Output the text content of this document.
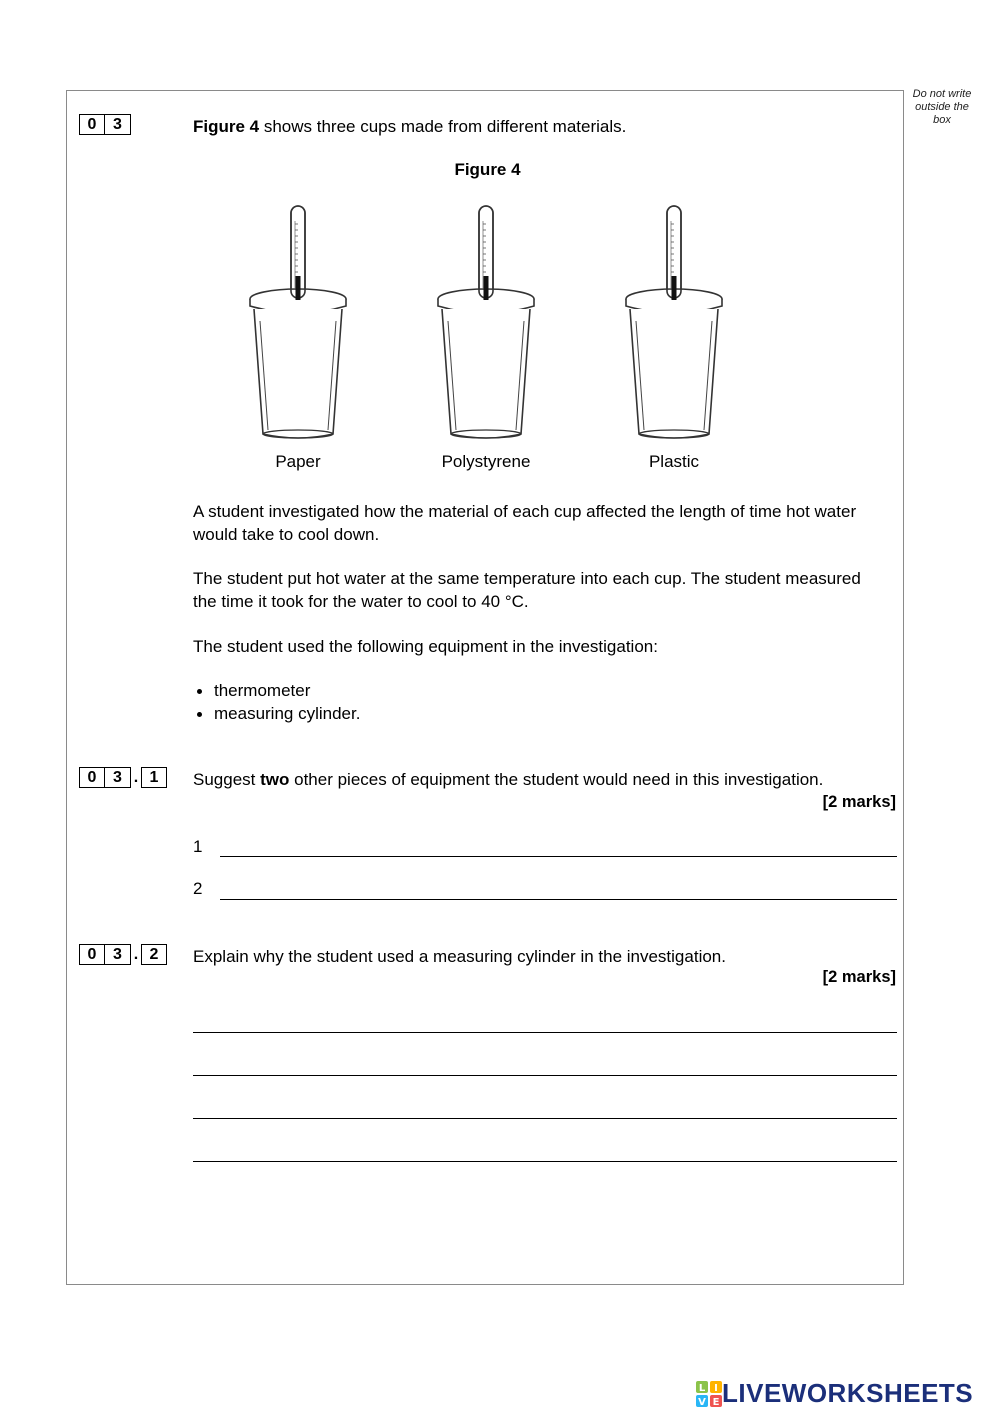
Do not write outside the box
0	3	Figure 4 shows three cups made from different materials.
Figure 4
Paper	Polystyrene	Plastic
A student investigated how the material of each cup affected the length of time hot water would take to cool down.
The student put hot water at the same temperature into each cup. The student measured the time it took for the water to cool to 40 °C.
The student used the following equipment in the investigation:
thermometer
measuring cylinder.
0	3 . 1	Suggest two other pieces of equipment the student would need in this investigation.
[2 marks]
1
2
0	3 . 2	Explain why the student used a measuring cylinder in the investigation.
[2 marks]
L I
V E LIVEWORKSHEETS
